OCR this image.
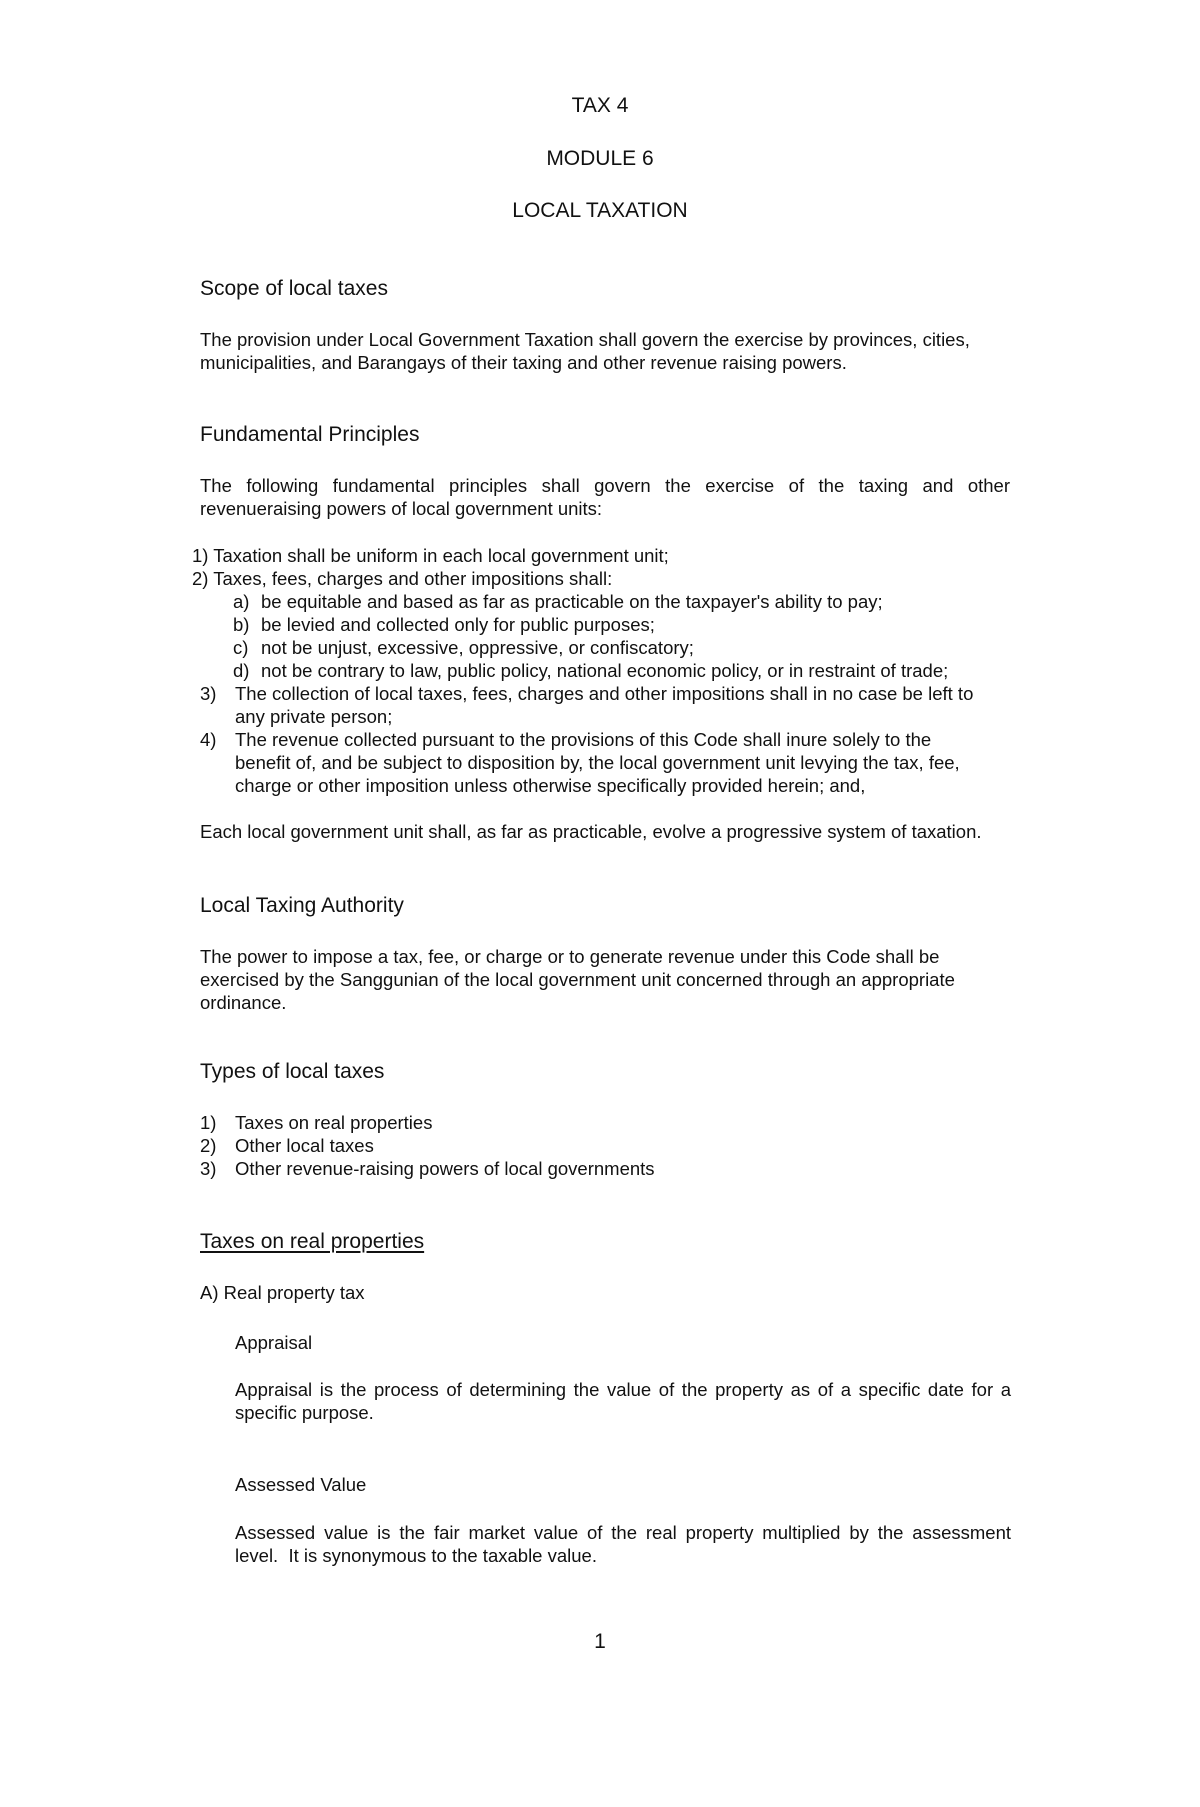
TAX 4

MODULE 6

LOCAL TAXATION

Scope of local taxes

The provision under Local Government Taxation shall govern the exercise by provinces, cities,

municipalities, and Barangays of their taxing and other revenue raising powers.

Fundamental Principles

The following fundamental principles shall govern the exercise of the taxing and other

revenueraising powers of local government units:

1) Taxation shall be uniform in each local government unit;

2) Taxes, fees, charges and other impositions shall:

a) be equitable and based as far as practicable on the taxpayer's ability to pay;
b) be levied and collected only for public purposes;
c) not be unjust, excessive, oppressive, or confiscatory;
d) not be contrary to law, public policy, national economic policy, or in restraint of trade;
3) The collection of local taxes, fees, charges and other impositions shall in no case be left to
any private person;
4) The revenue collected pursuant to the provisions of this Code shall inure solely to the
benefit of, and be subject to disposition by, the local government unit levying the tax, fee,
charge or other imposition unless otherwise specifically provided herein; and,

Each local government unit shall, as far as practicable, evolve a progressive system of taxation.

Local Taxing Authority

The power to impose a tax, fee, or charge or to generate revenue under this Code shall be

exercised by the Sanggunian of the local government unit concerned through an appropriate

ordinance.

Types of local taxes

1) Taxes on real properties
2) Other local taxes
3) Other revenue-raising powers of local governments

Taxes on real properties

A) Real property tax

Appraisal

Appraisal is the process of determining the value of the property as of a specific date for a

specific purpose.

Assessed Value

Assessed value is the fair market value of the real property multiplied by the assessment

level.  It is synonymous to the taxable value.

1
